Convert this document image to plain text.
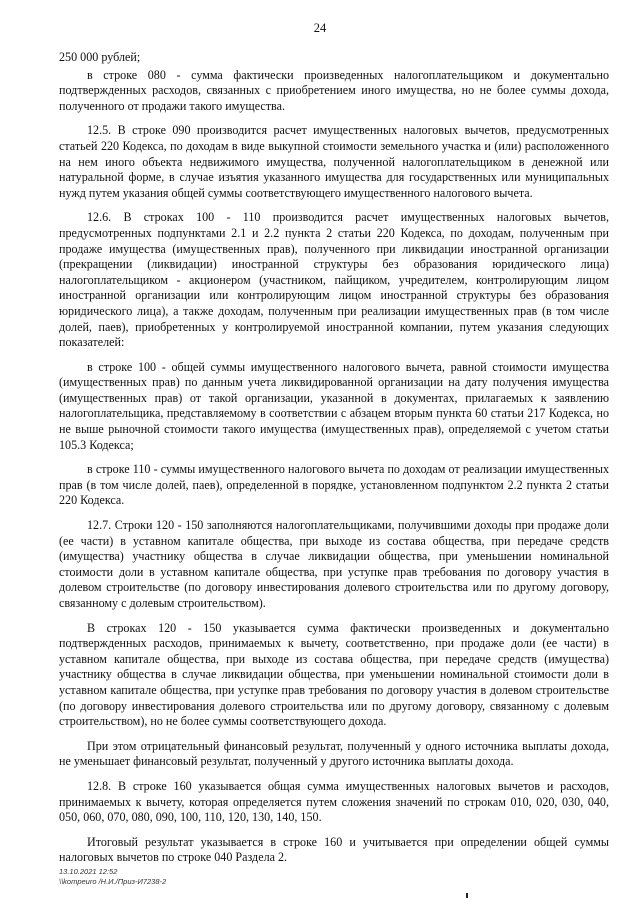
24

250 000 рублей;

в строке 080 - сумма фактически произведенных налогоплательщиком и документально подтвержденных расходов, связанных с приобретением иного имущества, но не более суммы дохода, полученного от продажи такого имущества.

12.5. В строке 090 производится расчет имущественных налоговых вычетов, предусмотренных статьей 220 Кодекса, по доходам в виде выкупной стоимости земельного участка и (или) расположенного на нем иного объекта недвижимого имущества, полученной налогоплательщиком в денежной или натуральной форме, в случае изъятия указанного имущества для государственных или муниципальных нужд путем указания общей суммы соответствующего имущественного налогового вычета.

12.6. В строках 100 - 110 производится расчет имущественных налоговых вычетов, предусмотренных подпунктами 2.1 и 2.2 пункта 2 статьи 220 Кодекса, по доходам, полученным при продаже имущества (имущественных прав), полученного при ликвидации иностранной организации (прекращении (ликвидации) иностранной структуры без образования юридического лица) налогоплательщиком - акционером (участником, пайщиком, учредителем, контролирующим лицом иностранной организации или контролирующим лицом иностранной структуры без образования юридического лица), а также доходам, полученным при реализации имущественных прав (в том числе долей, паев), приобретенных у контролируемой иностранной компании, путем указания следующих показателей:

в строке 100 - общей суммы имущественного налогового вычета, равной стоимости имущества (имущественных прав) по данным учета ликвидированной организации на дату получения имущества (имущественных прав) от такой организации, указанной в документах, прилагаемых к заявлению налогоплательщика, представляемому в соответствии с абзацем вторым пункта 60 статьи 217 Кодекса, но не выше рыночной стоимости такого имущества (имущественных прав), определяемой с учетом статьи 105.3 Кодекса;

в строке 110 - суммы имущественного налогового вычета по доходам от реализации имущественных прав (в том числе долей, паев), определенной в порядке, установленном подпунктом 2.2 пункта 2 статьи 220 Кодекса.

12.7. Строки 120 - 150 заполняются налогоплательщиками, получившими доходы при продаже доли (ее части) в уставном капитале общества, при выходе из состава общества, при передаче средств (имущества) участнику общества в случае ликвидации общества, при уменьшении номинальной стоимости доли в уставном капитале общества, при уступке прав требования по договору участия в долевом строительстве (по договору инвестирования долевого строительства или по другому договору, связанному с долевым строительством).

В строках 120 - 150 указывается сумма фактически произведенных и документально подтвержденных расходов, принимаемых к вычету, соответственно, при продаже доли (ее части) в уставном капитале общества, при выходе из состава общества, при передаче средств (имущества) участнику общества в случае ликвидации общества, при уменьшении номинальной стоимости доли в уставном капитале общества, при уступке прав требования по договору участия в долевом строительстве (по договору инвестирования долевого строительства или по другому договору, связанному с долевым строительством), но не более суммы соответствующего дохода.

При этом отрицательный финансовый результат, полученный у одного источника выплаты дохода, не уменьшает финансовый результат, полученный у другого источника выплаты дохода.

12.8. В строке 160 указывается общая сумма имущественных налоговых вычетов и расходов, принимаемых к вычету, которая определяется путем сложения значений по строкам 010, 020, 030, 040, 050, 060, 070, 080, 090, 100, 110, 120, 130, 140, 150.

Итоговый результат указывается в строке 160 и учитывается при определении общей суммы налоговых вычетов по строке 040 Раздела 2.

13.10.2021 12:52
\\kompeuro /Н.И./Приз-И7238-2
